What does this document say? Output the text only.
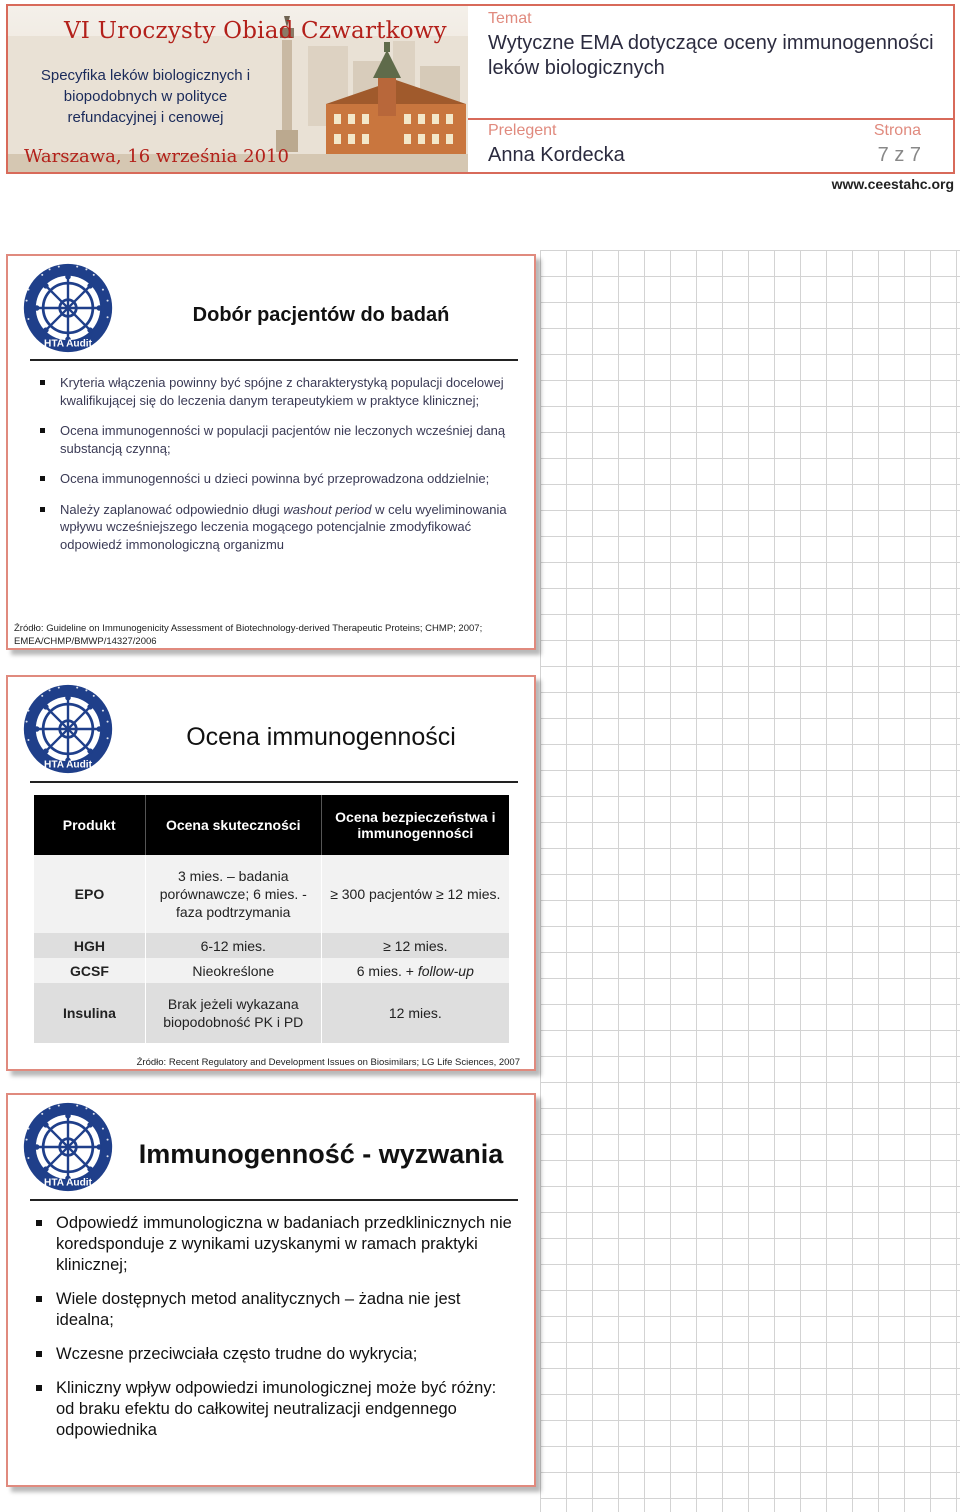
VI Uroczysty Obiad Czwartkowy
Specyfika leków biologicznych i biopodobnych w polityce refundacyjnej i cenowej
Warszawa, 16 września 2010
Temat
Wytyczne EMA dotyczące oceny immunogenności leków biologicznych
Prelegent
Anna Kordecka
Strona
7 z 7
www.ceestahc.org
Dobór pacjentów do badań
Kryteria włączenia powinny być spójne z charakterystyką populacji docelowej kwalifikującej się do leczenia danym terapeutykiem w praktyce klinicznej;
Ocena immunogenności w populacji pacjentów nie leczonych wcześniej daną substancją czynną;
Ocena immunogenności u dzieci powinna być przeprowadzona oddzielnie;
Należy zaplanować odpowiednio długi washout period w celu wyeliminowania wpływu wcześniejszego leczenia mogącego potencjalnie zmodyfikować odpowiedź immonologiczną organizmu
Źródło: Guideline on Immunogenicity Assessment of Biotechnology-derived Therapeutic Proteins; CHMP; 2007; EMEA/CHMP/BMWP/14327/2006
Ocena immunogenności
Produkt	Ocena skuteczności	Ocena bezpieczeństwa i immunogenności
EPO	3 mies. – badania porównawcze; 6 mies. - faza podtrzymania	≥ 300 pacjentów ≥ 12 mies.
HGH	6-12 mies.	≥ 12 mies.
GCSF	Nieokreślone	6 mies. + follow-up
Insulina	Brak jeżeli wykazana biopodobność PK i PD	12 mies.
Źródło: Recent Regulatory and Development Issues on Biosimilars; LG Life Sciences, 2007
Immunogenność - wyzwania
Odpowiedź immunologiczna w badaniach przedklinicznych nie koredsponduje z wynikami uzyskanymi w ramach praktyki klinicznej;
Wiele dostępnych metod analitycznych – żadna nie jest idealna;
Wczesne przeciwciała często trudne do wykrycia;
Kliniczny wpływ odpowiedzi imunologicznej może być różny: od braku efektu do całkowitej neutralizacji endgennego odpowiednika
